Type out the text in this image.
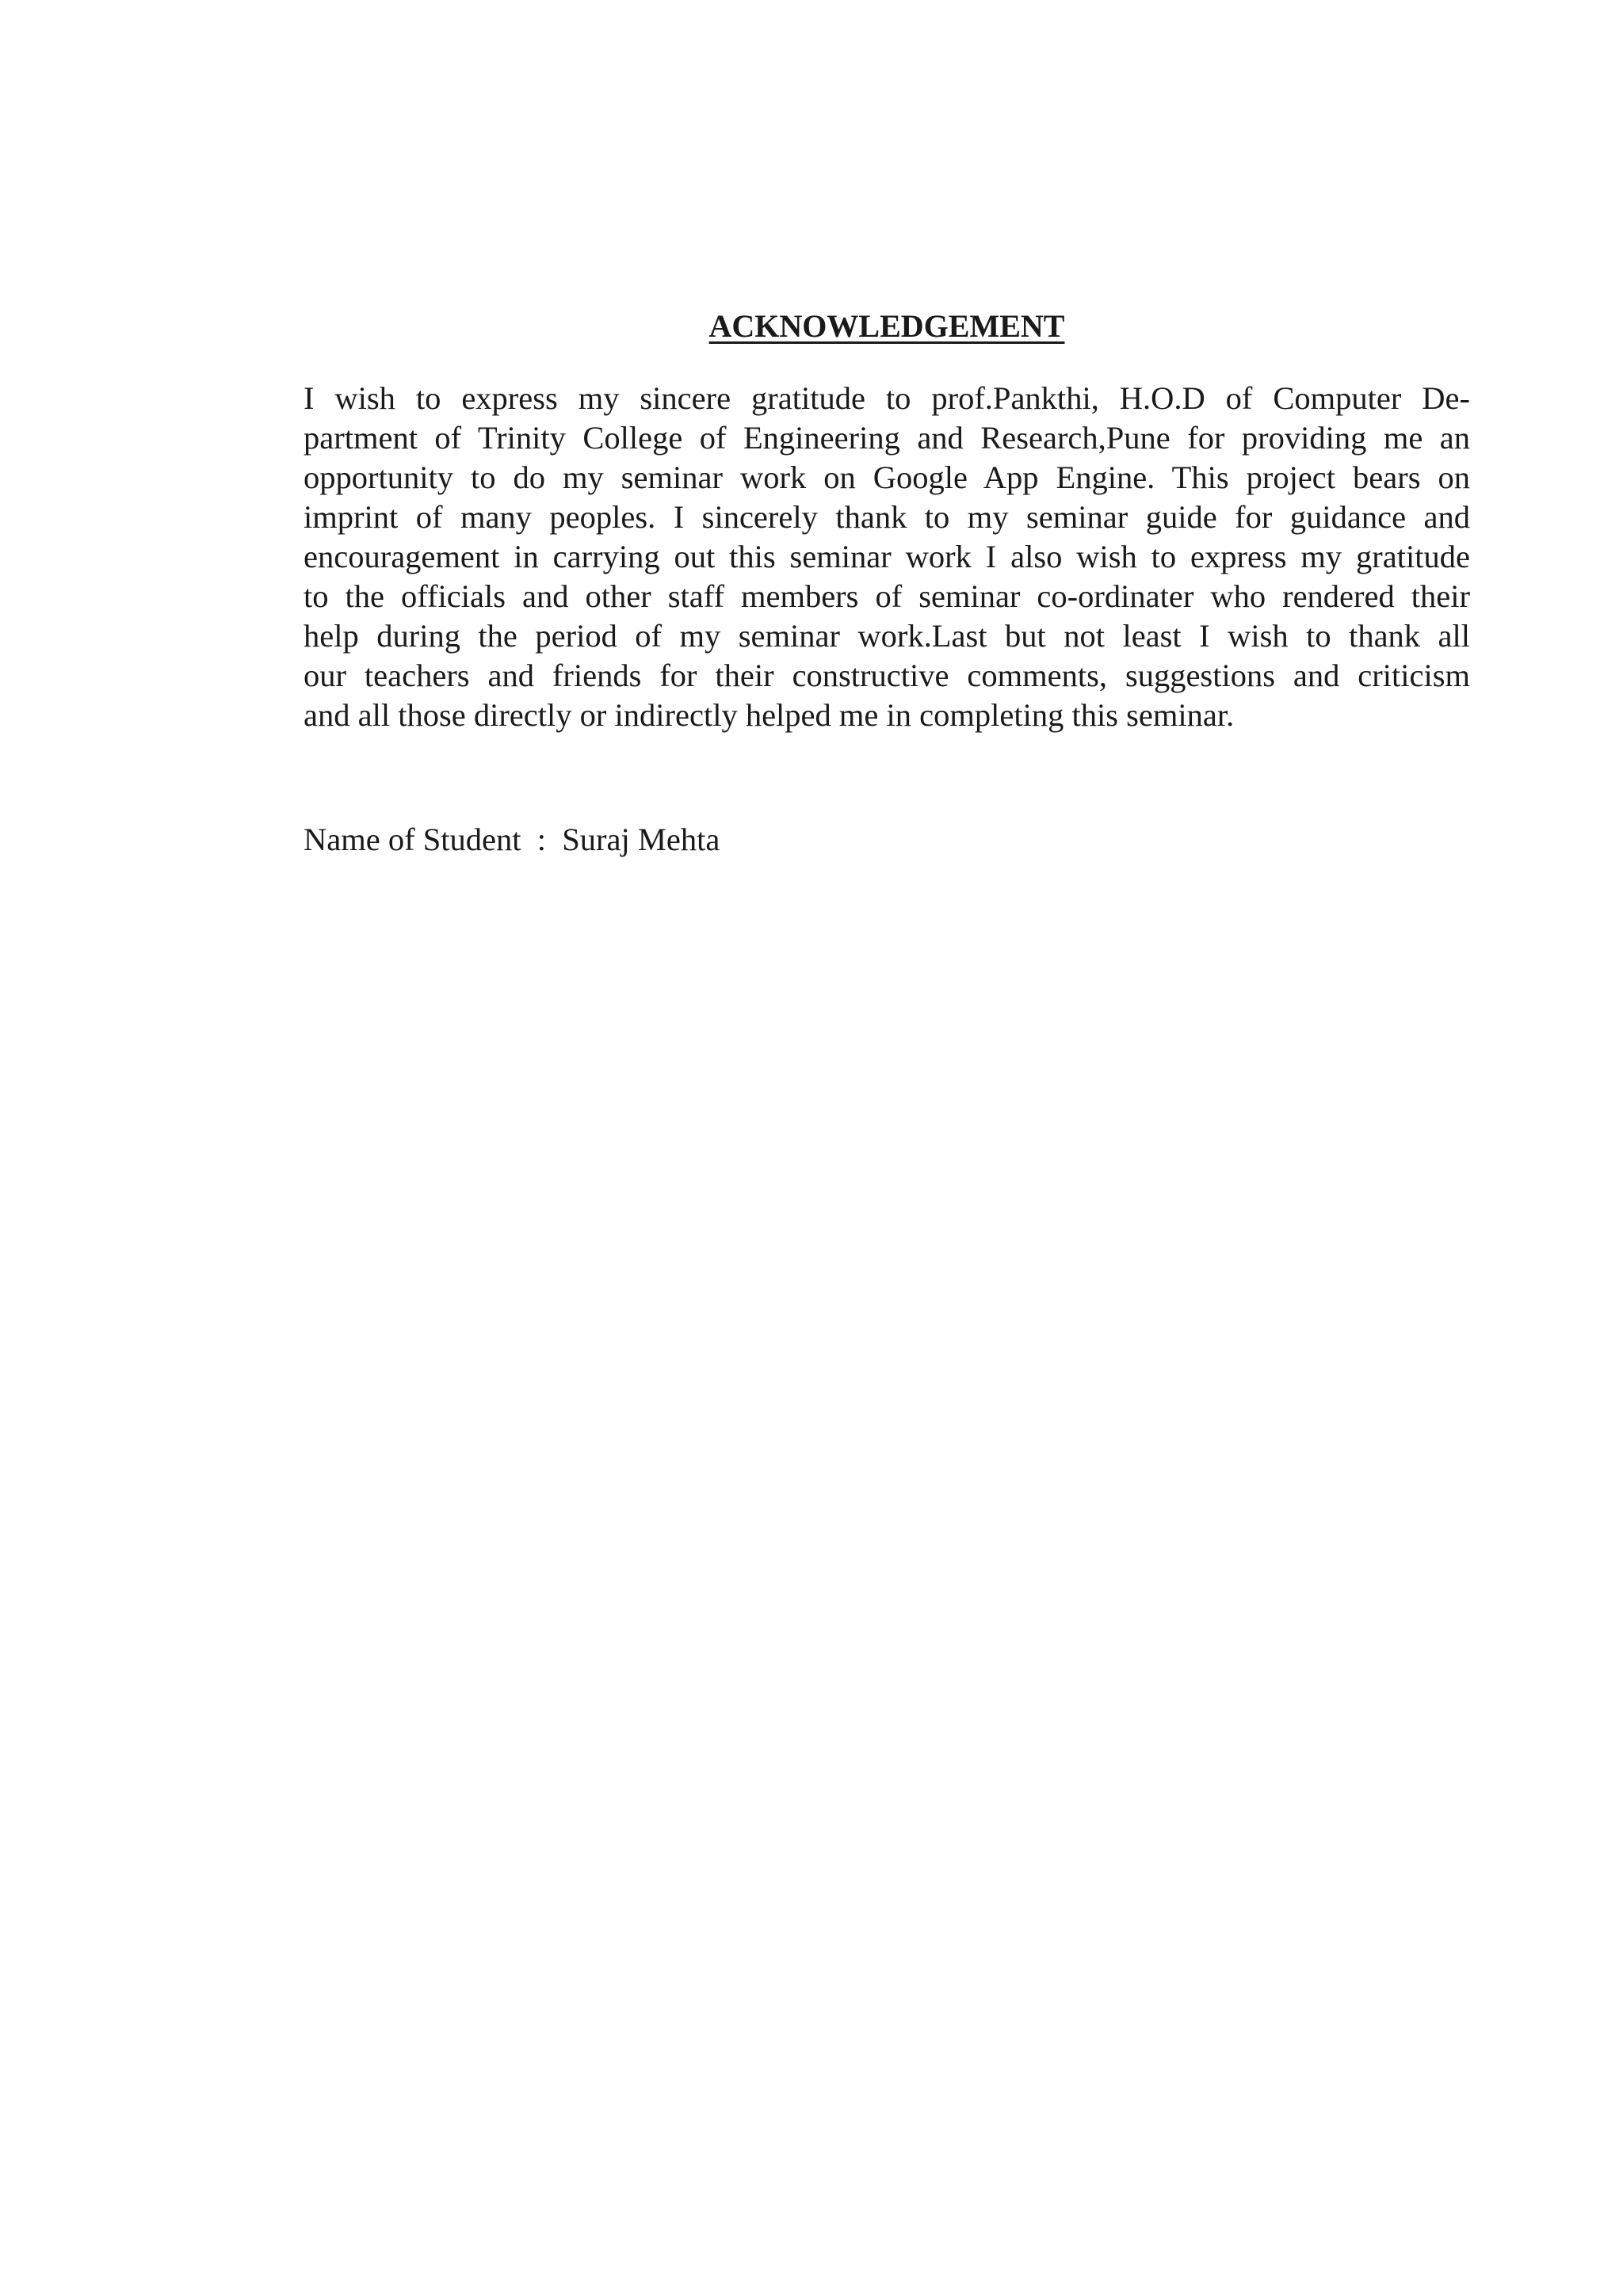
ACKNOWLEDGEMENT
I wish to express my sincere gratitude to prof.Pankthi, H.O.D of Computer De-
partment of Trinity College of Engineering and Research,Pune for providing me an
opportunity to do my seminar work on Google App Engine. This project bears on
imprint of many peoples. I sincerely thank to my seminar guide for guidance and
encouragement in carrying out this seminar work I also wish to express my gratitude
to the officials and other staff members of seminar co-ordinater who rendered their
help during the period of my seminar work.Last but not least I wish to thank all
our teachers and friends for their constructive comments, suggestions and criticism
and all those directly or indirectly helped me in completing this seminar.

Name of Student : Suraj Mehta
